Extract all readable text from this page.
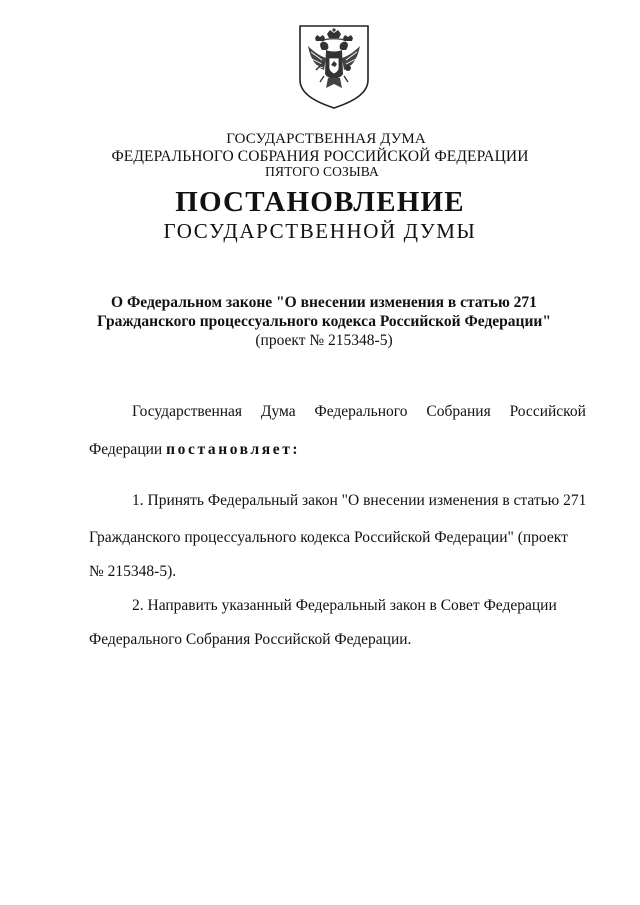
ГОСУДАРСТВЕННАЯ ДУМА
ФЕДЕРАЛЬНОГО СОБРАНИЯ РОССИЙСКОЙ ФЕДЕРАЦИИ
ПЯТОГО СОЗЫВА
ПОСТАНОВЛЕНИЕ
ГОСУДАРСТВЕННОЙ ДУМЫ
О Федеральном законе "О внесении изменения в статью 271
Гражданского процессуального кодекса Российской Федерации"
(проект № 215348-5)
Государственная Дума Федерального Собрания Российской
Федерации постановляет:
1. Принять Федеральный закон "О внесении изменения в статью 271
Гражданского процессуального кодекса Российской Федерации" (проект
№ 215348-5).
2. Направить указанный Федеральный закон в Совет Федерации
Федерального Собрания Российской Федерации.
